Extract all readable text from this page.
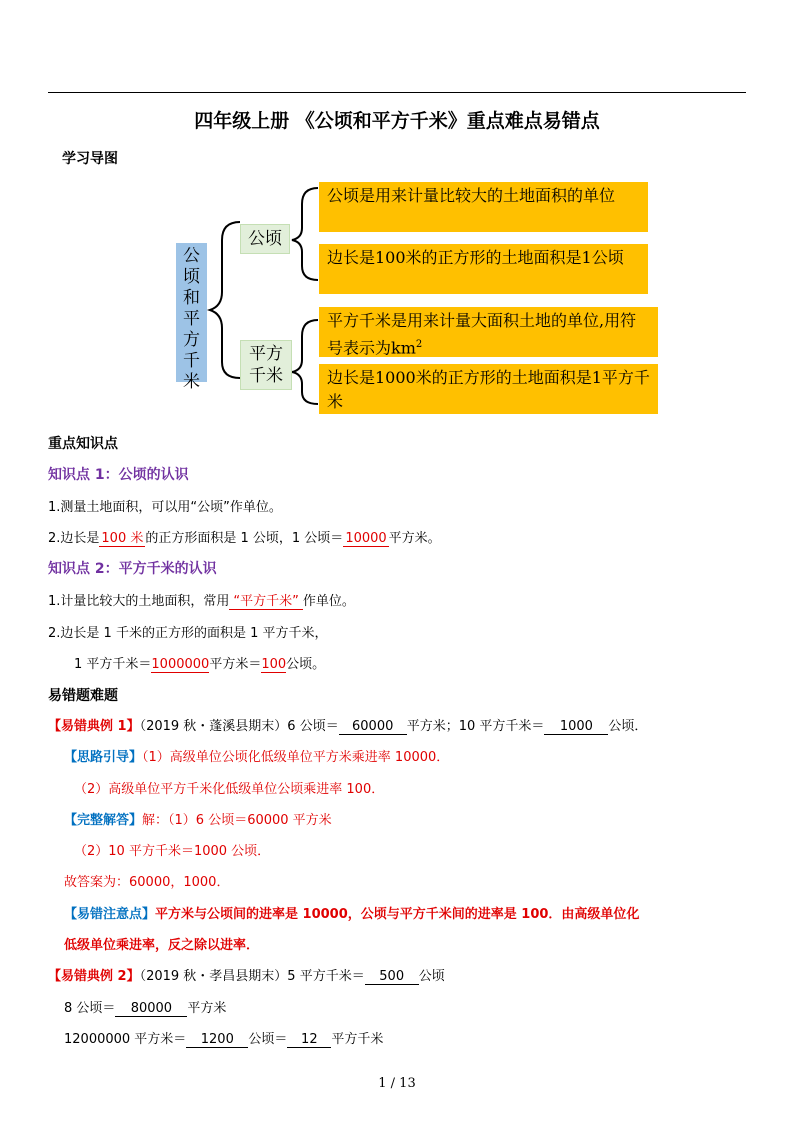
四年级上册 《公顷和平方千米》重点难点易错点
学习导图
公顷和平方千米
公顷
平方千米
公顷是用来计量比较大的土地面积的单位
边长是100米的正方形的土地面积是1公顷
平方千米是用来计量大面积土地的单位,用符号表示为$km^2$
边长是1000米的正方形的土地面积是1平方千米
重点知识点
知识点 1：公顷的认识
1.测量土地面积，可以用“公顷”作单位。
2.边长是 100 米 的正方形面积是 1 公顷，1 公顷＝ 10000 平方米。
知识点 2：平方千米的认识
1.计量比较大的土地面积，常用 “平方千米” 作单位。
2.边长是 1 千米的正方形的面积是 1 平方千米，
1 平方千米＝1000000平方米＝100公顷。
易错题难题
【易错典例 1】（2019 秋・蓬溪县期末）6 公顷＝ 60000 平方米；10 平方千米＝ 1000 公顷．
【思路引导】（1）高级单位公顷化低级单位平方米乘进率 10000．
（2）高级单位平方千米化低级单位公顷乘进率 100．
【完整解答】解：（1）6 公顷＝60000 平方米
（2）10 平方千米＝1000 公顷．
故答案为：60000，1000．
【易错注意点】平方米与公顷间的进率是 10000，公顷与平方千米间的进率是 100．由高级单位化
低级单位乘进率，反之除以进率．
【易错典例 2】（2019 秋・孝昌县期末）5 平方千米＝ 500 公顷
8 公顷＝ 80000 平方米
12000000 平方米＝ 1200 公顷＝ 12 平方千米
1 / 13
